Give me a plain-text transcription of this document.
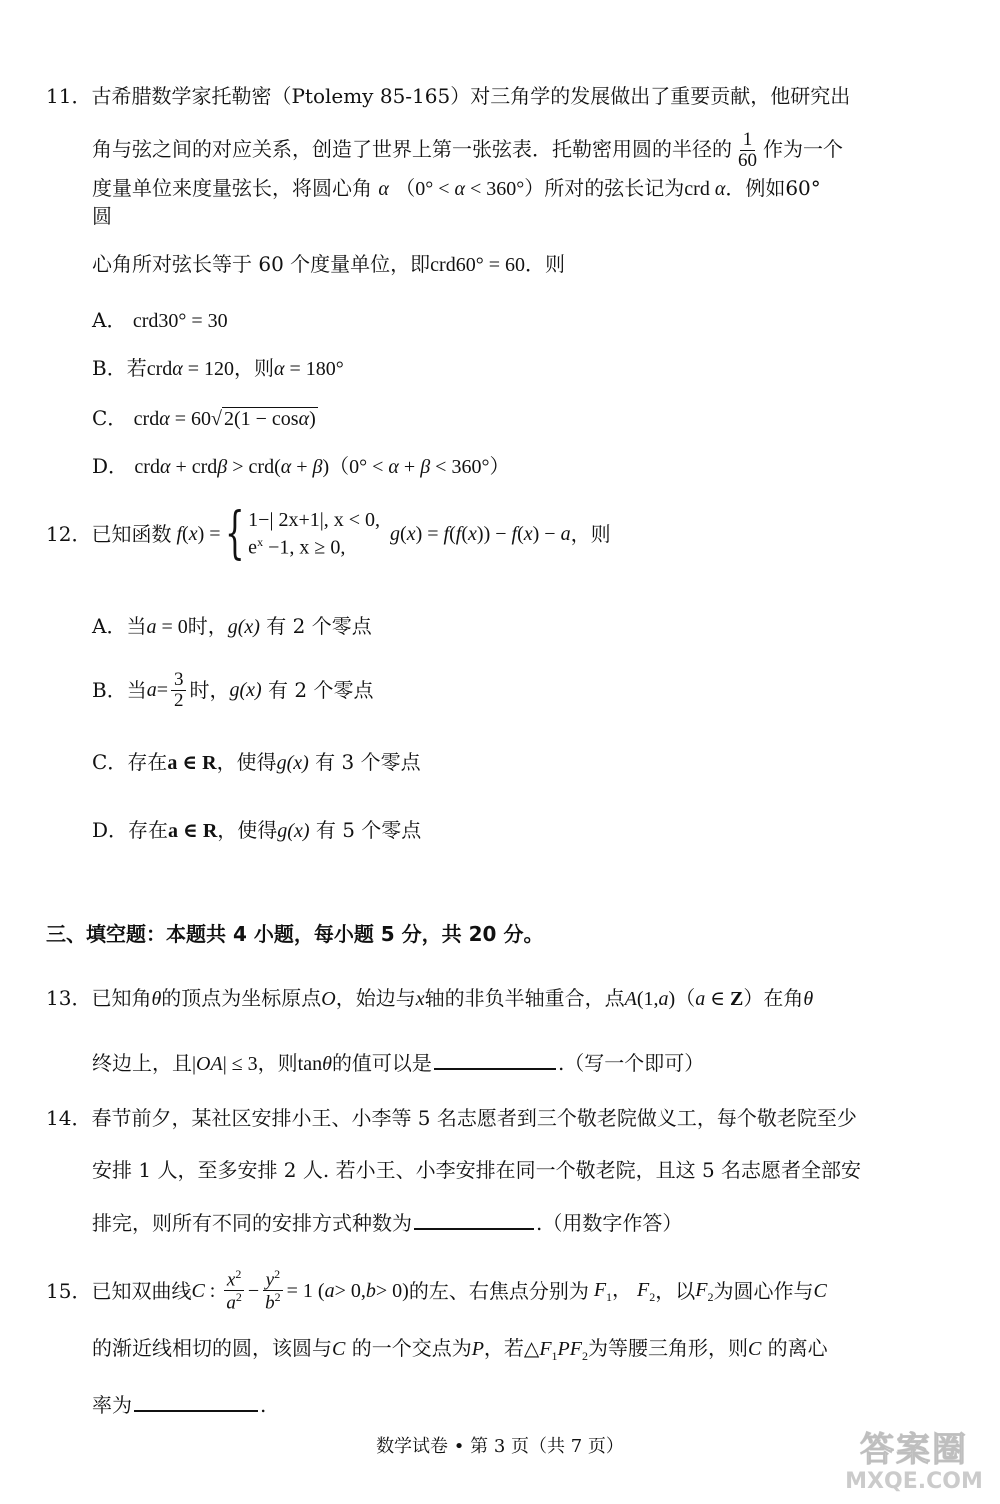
11．古希腊数学家托勒密（Ptolemy 85-165）对三角学的发展做出了重要贡献，他研究出
角与弦之间的对应关系，创造了世界上第一张弦表．托勒密用圆的半径的 $\frac{1}{60}$ 作为一个
度量单位来度量弦长，将圆心角 α （0° < α < 360°）所对的弦长记为crd α．例如60°
圆
心角所对弦长等于 60 个度量单位，即crd60° = 60．则
A． crd30° = 30
B．若crdα = 120，则α = 180°
C． crdα = 60√ 2(1 − cosα)
D． crdα + crdβ > crd(α + β)（0° < α + β < 360°）
12． 已知函数 f(x) = { 1−| 2x+1|, x < 0,
$e^x -1$, x ≥ 0,
g(x) = f(f(x)) − f(x) − a ，则
A．当a = 0时，g(x) 有 2 个零点
B． 当 $a = \frac{3}{2}$ 时， g(x)
有 2 个零点
C．存在a ∈ R，使得g(x) 有 3 个零点
D．存在a ∈ R，使得g(x) 有 5 个零点
三、填空题：本题共 4 小题，每小题 5 分，共 20 分。
13．已知角θ的顶点为坐标原点O，始边与x轴的非负半轴重合，点A(1,a)（a ∈ Z）在角θ
终边上，且|OA| ≤ 3，则tanθ的值可以是	.（写一个即可）
14．春节前夕，某社区安排小王、小李等 5 名志愿者到三个敬老院做义工，每个敬老院至少
安排 1 人，至多安排 2 人. 若小王、小李安排在同一个敬老院，且这 5 名志愿者全部安
排完，则所有不同的安排方式种数为	.（用数字作答）
15． 已知双曲线 C : $\frac{x^2}{a^2} - \frac{y^2}{b^2} = 1$ ( a > 0, b > 0) 的左、右焦点分别为 $F_1$ ， $F_2$ ，以 $F_2$ 为圆心作与 C
的渐近线相切的圆，该圆与C 的一个交点为P，若$\triangle F_1PF_2$为等腰三角形，则C 的离心
率为	.
数学试卷 • 第 3 页（共 7 页）	答案圈
MXQE.COM
